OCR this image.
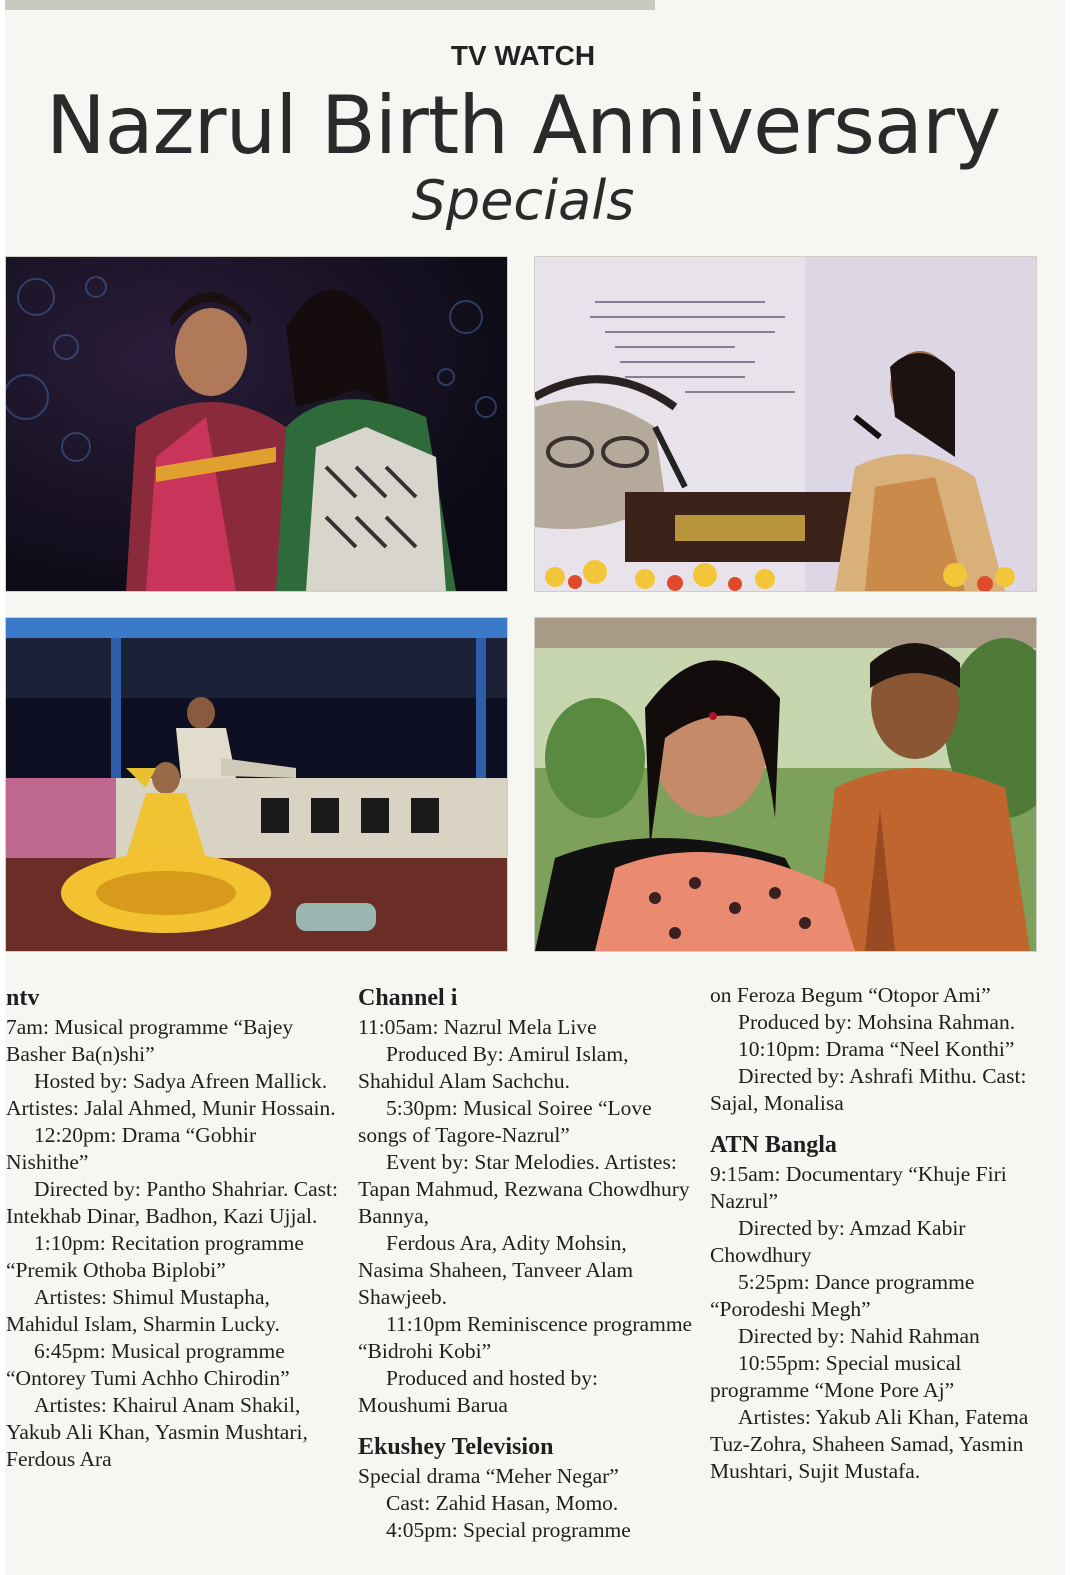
TV WATCH
Nazrul Birth Anniversary
Specials

ntv

7am: Musical programme “Bajey Basher Ba(n)shi”

Hosted by: Sadya Afreen Mallick. Artistes: Jalal Ahmed, Munir Hossain.

12:20pm: Drama “Gobhir Nishithe”

Directed by: Pantho Shahriar. Cast: Intekhab Dinar, Badhon, Kazi Ujjal.

1:10pm: Recitation programme “Premik Othoba Biplobi”

Artistes: Shimul Mustapha, Mahidul Islam, Sharmin Lucky.

6:45pm: Musical programme “Ontorey Tumi Achho Chirodin”

Artistes: Khairul Anam Shakil, Yakub Ali Khan, Yasmin Mushtari, Ferdous Ara

Channel i

11:05am: Nazrul Mela Live

Produced By: Amirul Islam, Shahidul Alam Sachchu.

5:30pm: Musical Soiree “Love songs of Tagore-Nazrul”

Event by: Star Melodies. Artistes: Tapan Mahmud, Rezwana Chowdhury Bannya,

Ferdous Ara, Adity Mohsin, Nasima Shaheen, Tanveer Alam Shawjeeb.

11:10pm Reminiscence programme “Bidrohi Kobi”

Produced and hosted by: Moushumi Barua

Ekushey Television

Special drama “Meher Negar”

Cast: Zahid Hasan, Momo.

4:05pm: Special programme

on Feroza Begum “Otopor Ami”

Produced by: Mohsina Rahman.

10:10pm: Drama “Neel Konthi”

Directed by: Ashrafi Mithu. Cast: Sajal, Monalisa

ATN Bangla

9:15am: Documentary “Khuje Firi Nazrul”

Directed by: Amzad Kabir Chowdhury

5:25pm: Dance programme “Porodeshi Megh”

Directed by: Nahid Rahman

10:55pm: Special musical programme “Mone Pore Aj”

Artistes: Yakub Ali Khan, Fatema Tuz-Zohra, Shaheen Samad, Yasmin Mushtari, Sujit Mustafa.
